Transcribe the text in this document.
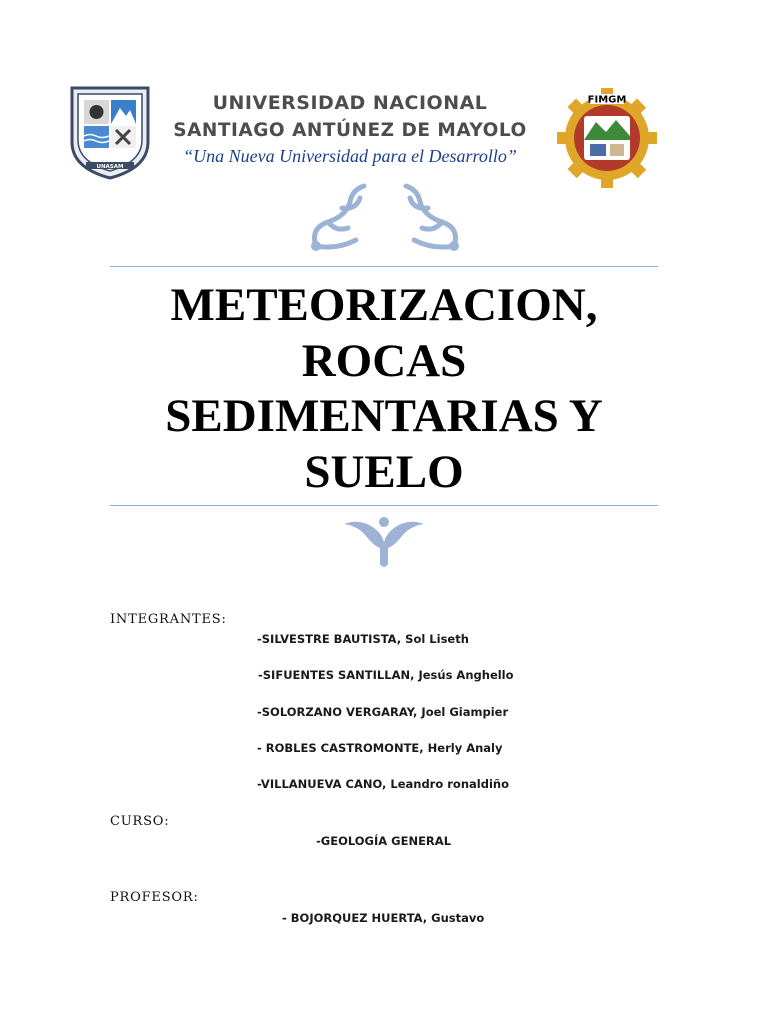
UNASAM
UNIVERSIDAD NACIONAL
SANTIAGO ANTÚNEZ DE MAYOLO
“Una Nueva Universidad para el Desarrollo”
FIMGM
METEORIZACION,
ROCAS
SEDIMENTARIAS Y
SUELO
INTEGRANTES:
-SILVESTRE BAUTISTA, Sol Liseth
-SIFUENTES SANTILLAN, Jesús Anghello
-SOLORZANO VERGARAY, Joel Giampier
- ROBLES CASTROMONTE, Herly Analy
-VILLANUEVA CANO, Leandro ronaldiño
CURSO:
-GEOLOGÍA GENERAL
PROFESOR:
- BOJORQUEZ HUERTA, Gustavo
